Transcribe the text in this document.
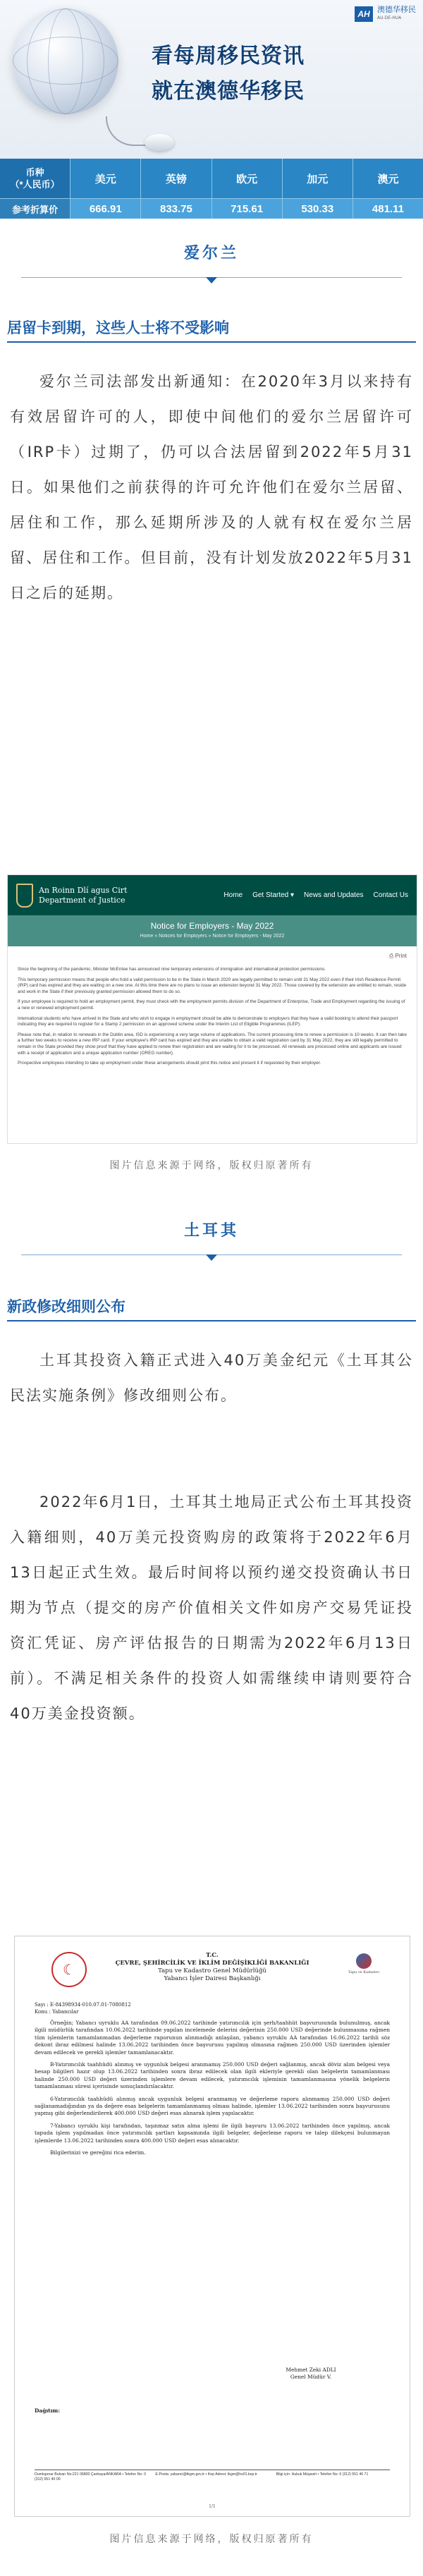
AH 澳德华移民
AU-DE-HUA
看每周移民资讯
就在澳德华移民
币种
（*人民币）	美元	英镑	欧元	加元	澳元
参考折算价	666.91	833.75	715.61	530.33	481.11
爱尔兰
居留卡到期，这些人士将不受影响

爱尔兰司法部发出新通知：在2020年3月以来持有有效居留许可的人，即使中间他们的爱尔兰居留许可（IRP卡）过期了，仍可以合法居留到2022年5月31日。如果他们之前获得的许可允许他们在爱尔兰居留、居住和工作，那么延期所涉及的人就有权在爱尔兰居留、居住和工作。但目前，没有计划发放2022年5月31日之后的延期。

An Roinn Dlí agus Cirt
Department of Justice	Home Get Started ▾ News and Updates Contact Us
Notice for Employers - May 2022
Home » Notices for Employers » Notice for Employers - May 2022
⎙ Print

Since the beginning of the pandemic, Minister McEntee has announced nine temporary extensions of immigration and international protection permissions.

This temporary permission means that people who hold a valid permission to be in the State in March 2020 are legally permitted to remain until 31 May 2022 even if their Irish Residence Permit (IRP) card has expired and they are waiting on a new one. At this time there are no plans to issue an extension beyond 31 May 2022. Those covered by the extension are entitled to remain, reside and work in the State if their previously granted permission allowed them to do so.

If your employee is required to hold an employment permit, they must check with the employment permits division of the Department of Enterprise, Trade and Employment regarding the issuing of a new or renewed employment permit.

International students who have arrived in the State and who wish to engage in employment should be able to demonstrate to employers that they have a valid booking to attend their passport indicating they are required to register for a Stamp 2 permission on an approved scheme under the Interim List of Eligible Programmes (ILEP).

Please note that, in relation to renewals in the Dublin area, ISD is experiencing a very large volume of applications. The current processing time to renew a permission is 10 weeks. It can then take a further two weeks to receive a new IRP card. If your employee's IRP card has expired and they are unable to obtain a valid registration card by 31 May 2022, they are still legally permitted to remain in the State provided they show proof that they have applied to renew their registration and are waiting for it to be processed. All renewals are processed online and applicants are issued with a receipt of application and a unique application number (OREG number).

Prospective employees intending to take up employment under these arrangements should print this notice and present it if requested by their employer.

图片信息来源于网络，版权归原著所有
土耳其
新政修改细则公布

土耳其投资入籍正式进入40万美金纪元《土耳其公民法实施条例》修改细则公布。

2022年6月1日，土耳其土地局正式公布土耳其投资入籍细则，40万美元投资购房的政策将于2022年6月13日起正式生效。最后时间将以预约递交投资确认书日期为节点（提交的房产价值相关文件如房产交易凭证投资汇凭证、房产评估报告的日期需为2022年6月13日前）。不满足相关条件的投资人如需继续申请则要符合40万美金投资额。

☾	Tapu ve Kadastro
T.C.
ÇEVRE, ŞEHİRCİLİK VE İKLİM DEĞİŞİKLİĞİ BAKANLIĞI
Tapu ve Kadastro Genel Müdürlüğü
Yabancı İşler Dairesi Başkanlığı
Sayı : E-84398934-010.07.01-7080812
Konu : Yabancılar

Örneğin; Yabancı uyruklu AA tarafından 09.06.2022 tarihinde yatırımcılık için şerh/taahhüt başvurusunda bulunulmuş, ancak ilgili müdürlük tarafından 10.06.2022 tarihinde yapılan incelemede delerini değerinin 250.000 USD değerinde bulunmasına rağmen tüm işlemlerin tamamlanmadan değerleme raporunun alınmadığı anlaşılan, yabancı uyruklu AA tarafından 16.06.2022 tarihli söz dekont ibraz edilmesi halinde 13.06.2022 tarihinden önce başvurusu yapılmış olmasına rağmen 250.000 USD üzerinden işlemler devam edilecek ve gerekli işlemler tamamlanacaktır.

B-Yatırımcılık taahhüdü alınmış ve uygunluk belgesi aranmamış 250.000 USD değeri sağlanmış, ancak döviz alım belgesi veya hesap bilgileri hazır olup 13.06.2022 tarihinden sonra ibraz edilecek olan ilgili ekleriyle gerekli olan belgelerin tamamlanması halinde 250.000 USD değeri üzerinden işlemlere devam edilecek, yatırımcılık işleminin tamamlanmasına yönelik belgelerin tamamlanması süresi içerisinde sonuçlandırılacaktır.

6-Yatırımcılık taahhüdü alınmış ancak uygunluk belgesi aranmamış ve değerleme raporu alınmamış 250.000 USD değeri sağlanamadığından ya da değere esas belgelerin tamamlanmamış olması halinde, işlemler 13.06.2022 tarihinden sonra başvurusunu yapmış gibi değerlendirilerek 400.000 USD değeri esas alınarak işlem yapılacaktır.

7-Yabancı uyruklu kişi tarafından, taşınmaz satın alma işlemi ile ilgili başvuru 13.06.2022 tarihinden önce yapılmış, ancak tapuda işlem yapılmadan önce yatırımcılık şartları kapsamında ilgili belgeler, değerleme raporu ve talep dilekçesi bulunmayan işlemlerde 13.06.2022 tarihinden sonra 400.000 USD değeri esas alınacaktır.

Bilgilerinizi ve gereğini rica ederim.

Mehmet Zeki ADLI
Genel Müdür V.
Dağıtım:
Dumlupınar Bulvarı No:221 06800 Çankaya/ANKARA • Telefon No: 0 (312) 551 40 00
E-Posta: yabanci@tkgm.gov.tr • Kep Adresi: tkgm@hs01.kep.tr	Bilgi için: Hukuk Müşaviri • Telefon No: 0 (312) 551 46 71
1/1
图片信息来源于网络，版权归原著所有
